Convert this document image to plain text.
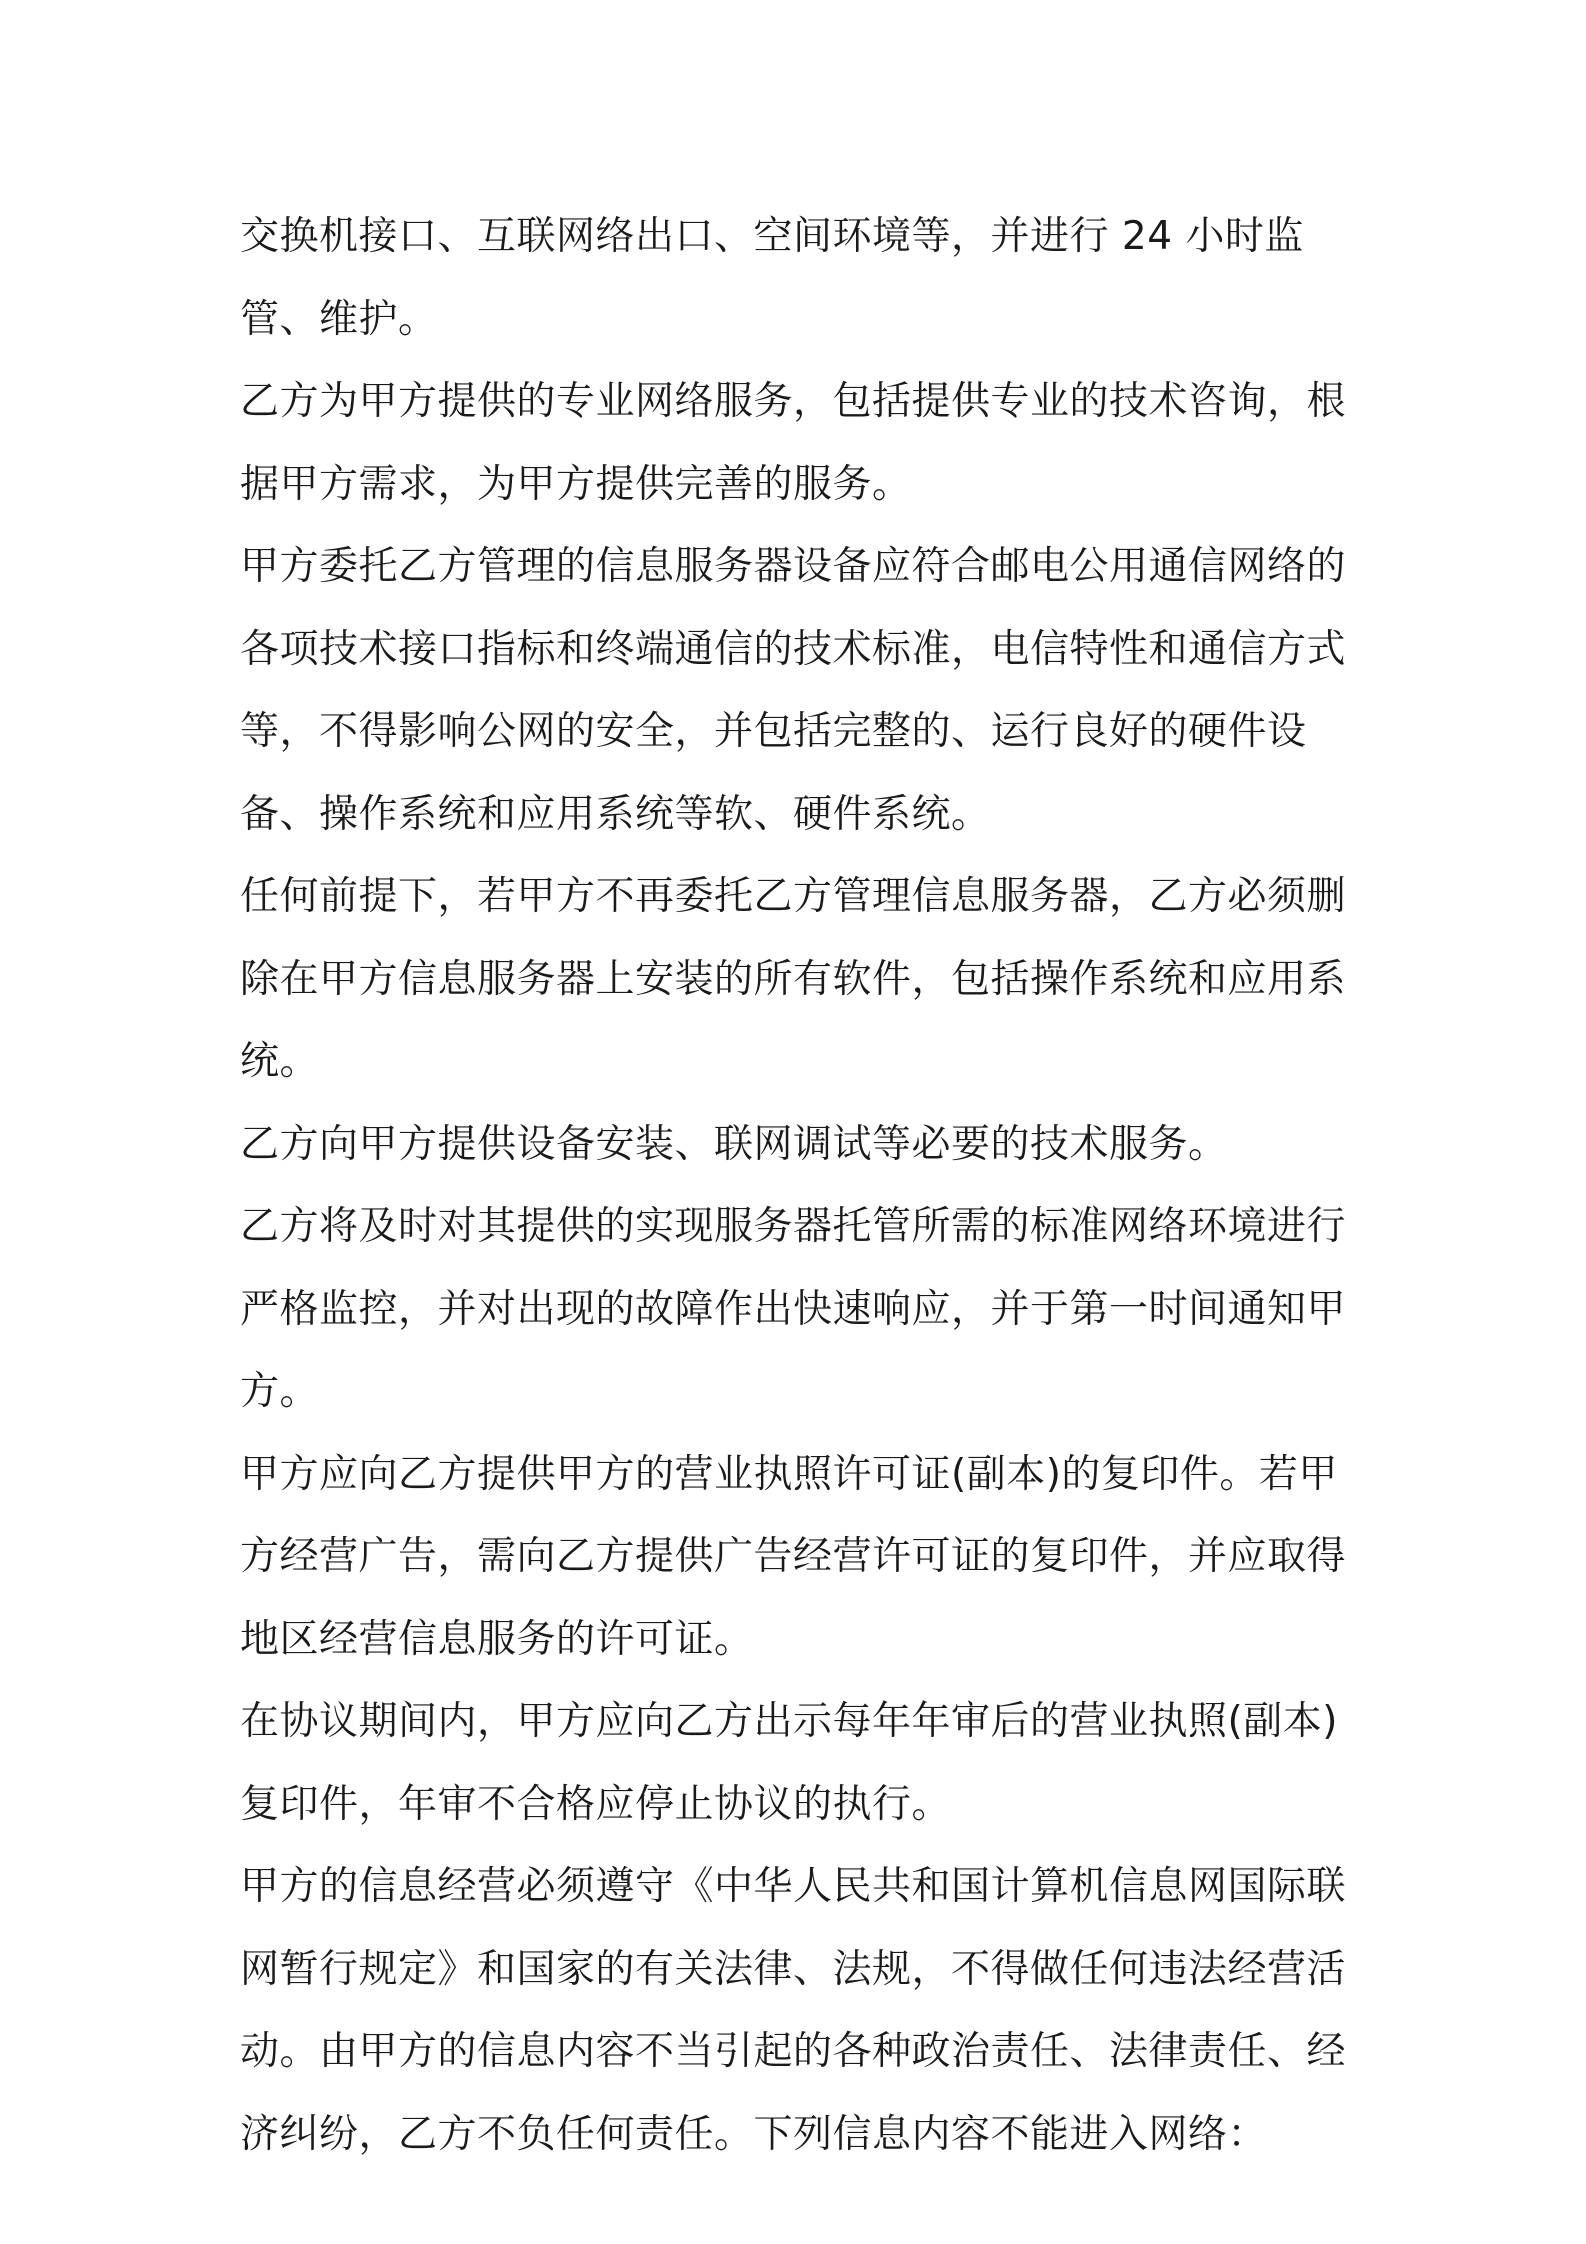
交换机接口、互联网络出口、空间环境等，并进行 24 小时监管、维护。

乙方为甲方提供的专业网络服务，包括提供专业的技术咨询，根据甲方需求，为甲方提供完善的服务。

甲方委托乙方管理的信息服务器设备应符合邮电公用通信网络的各项技术接口指标和终端通信的技术标准，电信特性和通信方式等，不得影响公网的安全，并包括完整的、运行良好的硬件设备、操作系统和应用系统等软、硬件系统。

任何前提下，若甲方不再委托乙方管理信息服务器，乙方必须删除在甲方信息服务器上安装的所有软件，包括操作系统和应用系统。

乙方向甲方提供设备安装、联网调试等必要的技术服务。

乙方将及时对其提供的实现服务器托管所需的标准网络环境进行严格监控，并对出现的故障作出快速响应，并于第一时间通知甲方。

甲方应向乙方提供甲方的营业执照许可证(副本)的复印件。若甲方经营广告，需向乙方提供广告经营许可证的复印件，并应取得地区经营信息服务的许可证。

在协议期间内，甲方应向乙方出示每年年审后的营业执照(副本)复印件，年审不合格应停止协议的执行。

甲方的信息经营必须遵守《中华人民共和国计算机信息网国际联网暂行规定》和国家的有关法律、法规，不得做任何违法经营活动。由甲方的信息内容不当引起的各种政治责任、法律责任、经济纠纷，乙方不负任何责任。下列信息内容不能进入网络：
